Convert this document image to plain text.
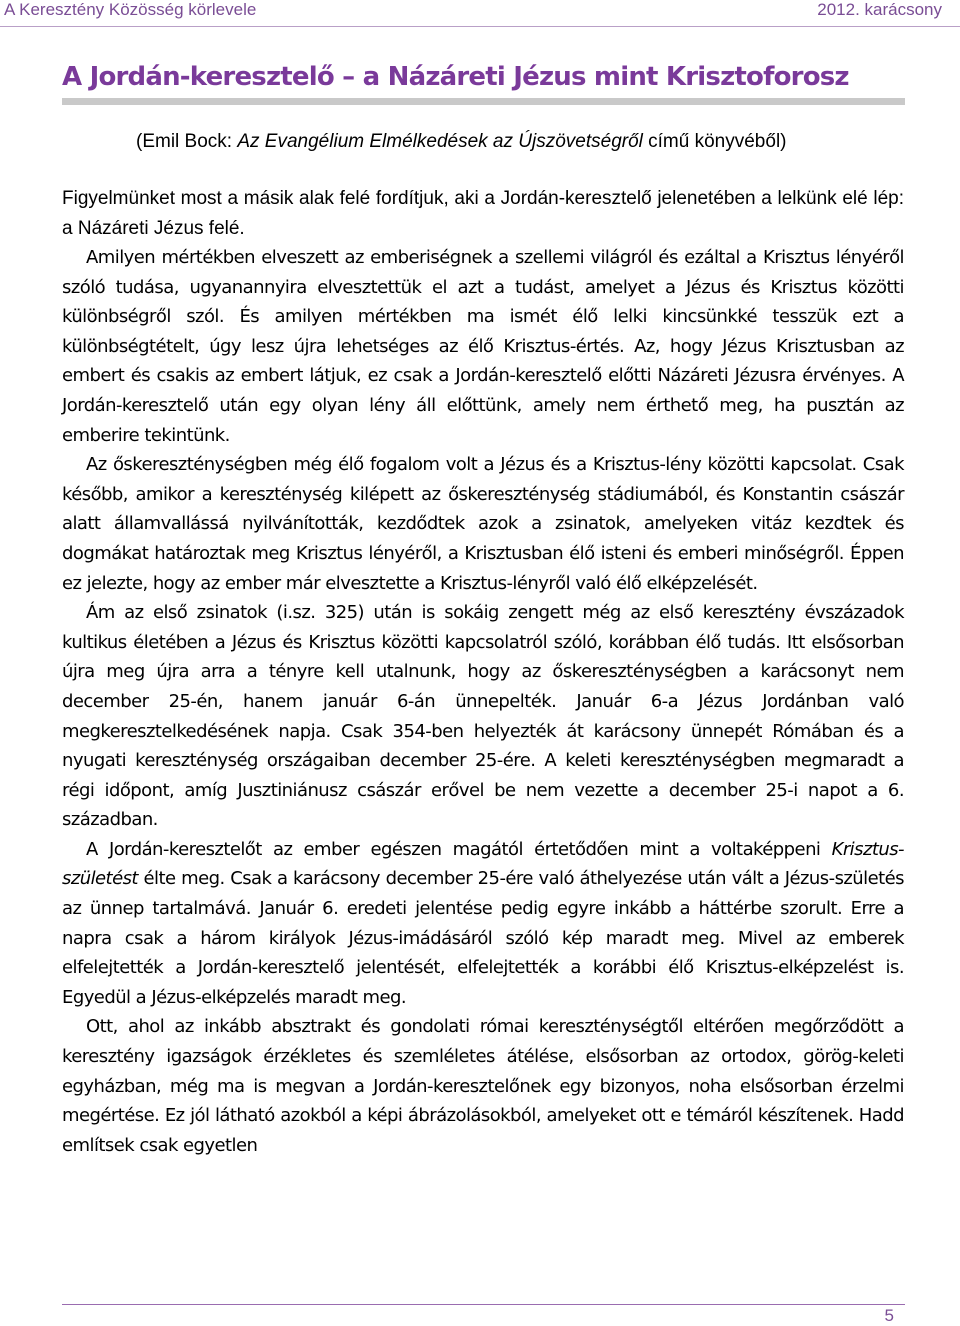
A Keresztény Közösség körlevele	2012. karácsony
A Jordán-keresztelő – a Názáreti Jézus mint Krisztoforosz
(Emil Bock: Az Evangélium Elmélkedések az Újszövetségről című könyvéből)

Figyelmünket most a másik alak felé fordítjuk, aki a Jordán-keresztelő jelenetében a lelkünk elé lép: a Názáreti Jézus felé.

Amilyen mértékben elveszett az emberiségnek a szellemi világról és ezáltal a Krisztus lényéről szóló tudása, ugyanannyira elvesztettük el azt a tudást, amelyet a Jézus és Krisztus közötti különbségről szól. És amilyen mértékben ma ismét élő lelki kincsünkké tesszük ezt a különbségtételt, úgy lesz újra lehetséges az élő Krisztus-értés. Az, hogy Jézus Krisztusban az embert és csakis az embert látjuk, ez csak a Jordán-keresztelő előtti Názáreti Jézusra érvényes. A Jordán-keresztelő után egy olyan lény áll előttünk, amely nem érthető meg, ha pusztán az emberire tekintünk.

Az őskereszténységben még élő fogalom volt a Jézus és a Krisztus-lény közötti kapcsolat. Csak később, amikor a kereszténység kilépett az őskereszténység stádiumából, és Konstantin császár alatt államvallássá nyilvánították, kezdődtek azok a zsinatok, amelyeken vitáz kezdtek és dogmákat határoztak meg Krisztus lényéről, a Krisztusban élő isteni és emberi minőségről. Éppen ez jelezte, hogy az ember már elvesztette a Krisztus-lényről való élő elképzelését.

Ám az első zsinatok (i.sz. 325) után is sokáig zengett még az első keresztény évszázadok kultikus életében a Jézus és Krisztus közötti kapcsolatról szóló, korábban élő tudás. Itt elsősorban újra meg újra arra a tényre kell utalnunk, hogy az őskereszténységben a karácsonyt nem december 25-én, hanem január 6-án ünnepelték. Január 6-a Jézus Jordánban való megkeresztelkedésének napja. Csak 354-ben helyezték át karácsony ünnepét Rómában és a nyugati kereszténység országaiban december 25-ére. A keleti kereszténységben megmaradt a régi időpont, amíg Jusztiniánusz császár erővel be nem vezette a december 25-i napot a 6. században.

A Jordán-keresztelőt az ember egészen magától értetődően mint a voltaképpeni Krisztus-születést élte meg. Csak a karácsony december 25-ére való áthelyezése után vált a Jézus-születés az ünnep tartalmává. Január 6. eredeti jelentése pedig egyre inkább a háttérbe szorult. Erre a napra csak a három királyok Jézus-imádásáról szóló kép maradt meg. Mivel az emberek elfelejtették a Jordán-keresztelő jelentését, elfelejtették a korábbi élő Krisztus-elképzelést is. Egyedül a Jézus-elképzelés maradt meg.

Ott, ahol az inkább absztrakt és gondolati római kereszténységtől eltérően megőrződött a keresztény igazságok érzékletes és szemléletes átélése, elsősorban az ortodox, görög-keleti egyházban, még ma is megvan a Jordán-keresztelőnek egy bizonyos, noha elsősorban érzelmi megértése. Ez jól látható azokból a képi ábrázolásokból, amelyeket ott e témáról készítenek. Hadd említsek csak egyetlen

5
